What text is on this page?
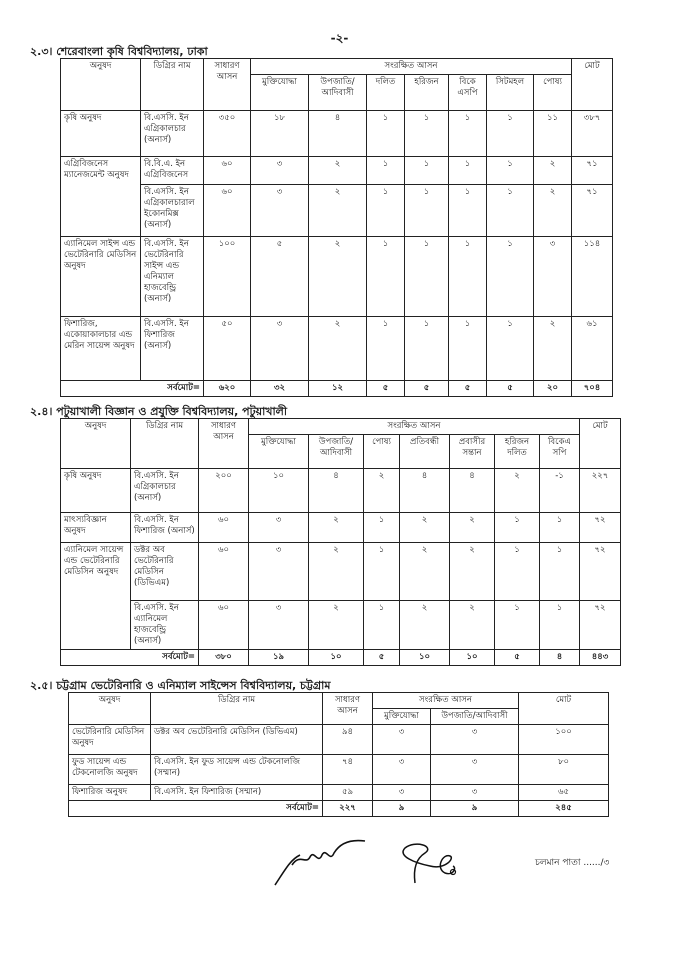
-২-
২.৩। শেরেবাংলা কৃষি বিশ্ববিদ্যালয়, ঢাকা
অনুষদ	ডিগ্রির নাম	সাধারণ আসন	সংরক্ষিত আসন							মোট
			মুক্তিযোদ্ধা	উপজাতি/ আদিবাসী	দলিত	হরিজন	বিকে এসপি	সিটমহল	পোষ্য	
কৃষি অনুষদ	বি.এসসি. ইন এগ্রিকালচার (অনার্স)	৩৫০	১৮	৪	১	১	১	১	১১	৩৮৭
এগ্রিবিজনেস ম্যানেজমেন্ট অনুষদ	বি.বি.এ. ইন এগ্রিবিজনেস	৬০	৩	২	১	১	১	১	২	৭১
	বি.এসসি. ইন এগ্রিকালচারাল ইকোনমিক্স (অনার্স)	৬০	৩	২	১	১	১	১	২	৭১
এ্যানিমেল সাইন্স এন্ড ভেটেরিনারি মেডিসিন অনুষদ	বি.এসসি. ইন ভেটেরিনারি সাইন্স এন্ড এনিম্যাল হাজবেন্ড্রি (অনার্স)	১০০	৫	২	১	১	১	১	৩	১১৪
ফিশারিজ, একোয়াকালচার এন্ড মেরিন সায়েন্স অনুষদ	বি.এসসি. ইন ফিশারিজ (অনার্স)	৫০	৩	২	১	১	১	১	২	৬১
সর্বমোট=		৬২০	৩২	১২	৫	৫	৫	৫	২০	৭০৪
২.৪। পটুয়াখালী বিজ্ঞান ও প্রযুক্তি বিশ্ববিদ্যালয়, পটুয়াখালী
অনুষদ	ডিগ্রির নাম	সাধারণ আসন	সংরক্ষিত আসন							মোট
			মুক্তিযোদ্ধা	উপজাতি/ আদিবাসী	পোষ্য	প্রতিবন্ধী	প্রবাসীর সন্তান	হরিজন দলিত	বিকেএ সপি	
কৃষি অনুষদ	বি.এসসি. ইন এগ্রিকালচার (অনার্স)	২০০	১০	৪	২	৪	৪	২	-১	২২৭
মাৎস্যবিজ্ঞান অনুষদ	বি.এসসি. ইন ফিশারিজ (অনার্স)	৬০	৩	২	১	২	২	১	১	৭২
এ্যানিমেল সায়েন্স এন্ড ভেটেরিনারি মেডিসিন অনুষদ	ডক্টর অব ভেটেরিনারি মেডিসিন (ডিভিএম)	৬০	৩	২	১	২	২	১	১	৭২
	বি.এসসি. ইন এ্যানিমেল হাজবেন্ড্রি (অনার্স)	৬০	৩	২	১	২	২	১	১	৭২
সর্বমোট=		৩৮০	১৯	১০	৫	১০	১০	৫	৪	৪৪৩
২.৫। চট্টগ্রাম ভেটেরিনারি ও এনিম্যাল সাইন্সেস বিশ্ববিদ্যালয়, চট্টগ্রাম
অনুষদ	ডিগ্রির নাম	সাধারণ আসন	সংরক্ষিত আসন		মোট
			মুক্তিযোদ্ধা	উপজাতি/আদিবাসী	
ভেটেরিনারি মেডিসিন অনুষদ	ডক্টর অব ভেটেরিনারি মেডিসিন (ডিভিএম)	৯৪	৩	৩	১০০
ফুড সায়েন্স এন্ড টেকনোলজি অনুষদ	বি.এসসি. ইন ফুড সায়েন্স এন্ড টেকনোলজি (সম্মান)	৭৪	৩	৩	৮০
ফিশারিজ অনুষদ	বি.এসসি. ইন ফিশারিজ (সম্মান)	৫৯	৩	৩	৬৫
সর্বমোট=		২২৭	৯	৯	২৪৫
চলমান পাতা ....../৩
